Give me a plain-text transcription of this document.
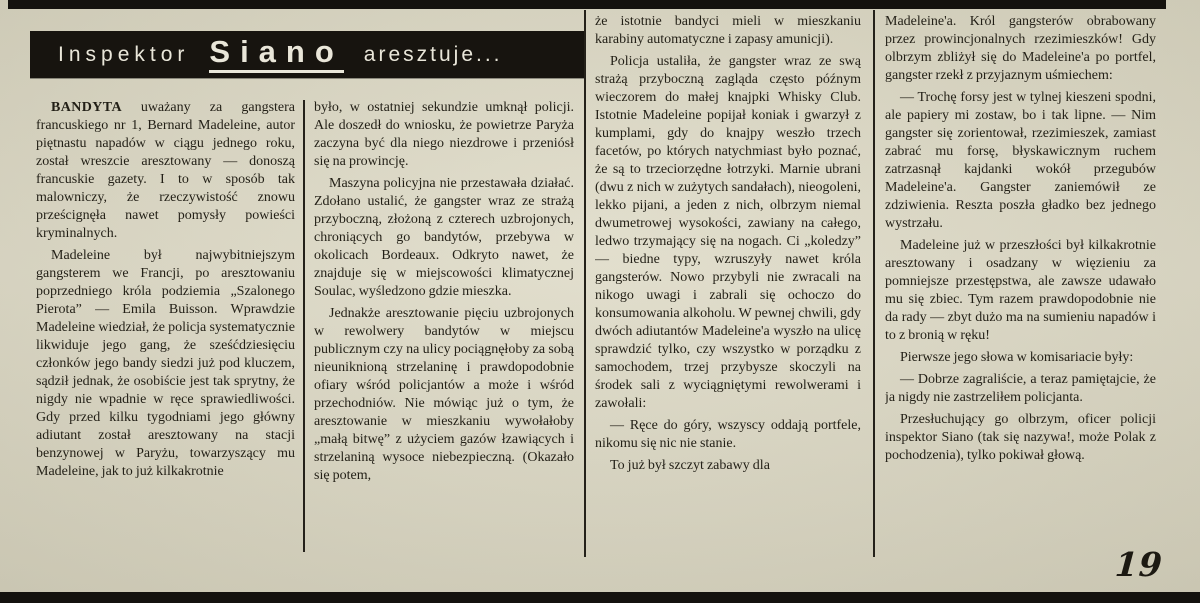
Inspektor Siano aresztuje...

BANDYTA uważany za gangstera francuskiego nr 1, Bernard Madeleine, autor piętnastu napadów w ciągu jednego roku, został wreszcie aresztowany — donoszą francuskie gazety. I to w sposób tak malowniczy, że rzeczywistość znowu prześcignęła nawet pomysły powieści kryminalnych.

Madeleine był najwybitniejszym gangsterem we Francji, po aresztowaniu poprzedniego króla podziemia „Szalonego Pierota” — Emila Buisson. Wprawdzie Madeleine wiedział, że policja systematycznie likwiduje jego gang, że sześćdziesięciu członków jego bandy siedzi już pod kluczem, sądził jednak, że osobiście jest tak sprytny, że nigdy nie wpadnie w ręce sprawiedliwości. Gdy przed kilku tygodniami jego główny adiutant został aresztowany na stacji benzynowej w Paryżu, towarzyszący mu Madeleine, jak to już kilkakrotnie

było, w ostatniej sekundzie umknął policji. Ale doszedł do wniosku, że powietrze Paryża zaczyna być dla niego niezdrowe i przeniósł się na prowincję.

Maszyna policyjna nie przestawała działać. Zdołano ustalić, że gangster wraz ze strażą przyboczną, złożoną z czterech uzbrojonych, chroniących go bandytów, przebywa w okolicach Bordeaux. Odkryto nawet, że znajduje się w miejscowości klimatycznej Soulac, wyśledzono gdzie mieszka.

Jednakże aresztowanie pięciu uzbrojonych w rewolwery bandytów w miejscu publicznym czy na ulicy pociągnęłoby za sobą nieuniknioną strzelaninę i prawdopodobnie ofiary wśród policjantów a może i wśród przechodniów. Nie mówiąc już o tym, że aresztowanie w mieszkaniu wywołałoby „małą bitwę” z użyciem gazów łzawiących i strzelaniną wysoce niebezpieczną. (Okazało się potem,

że istotnie bandyci mieli w mieszkaniu karabiny automatyczne i zapasy amunicji).

Policja ustaliła, że gangster wraz ze swą strażą przyboczną zagląda często późnym wieczorem do małej knajpki Whisky Club. Istotnie Madeleine popijał koniak i gwarzył z kumplami, gdy do knajpy weszło trzech facetów, po których natychmiast było poznać, że są to trzeciorzędne łotrzyki. Marnie ubrani (dwu z nich w zużytych sandałach), nieogoleni, lekko pijani, a jeden z nich, olbrzym niemal dwumetrowej wysokości, zawiany na całego, ledwo trzymający się na nogach. Ci „koledzy” — biedne typy, wzruszyły nawet króla gangsterów. Nowo przybyli nie zwracali na nikogo uwagi i zabrali się ochoczo do konsumowania alkoholu. W pewnej chwili, gdy dwóch adiutantów Madeleine'a wyszło na ulicę sprawdzić tylko, czy wszystko w porządku z samochodem, trzej przybysze skoczyli na środek sali z wyciągniętymi rewolwerami i zawołali:

— Ręce do góry, wszyscy oddają portfele, nikomu się nic nie stanie.

To już był szczyt zabawy dla

Madeleine'a. Król gangsterów obrabowany przez prowincjonalnych rzezimieszków! Gdy olbrzym zbliżył się do Madeleine'a po portfel, gangster rzekł z przyjaznym uśmiechem:

— Trochę forsy jest w tylnej kieszeni spodni, ale papiery mi zostaw, bo i tak lipne. — Nim gangster się zorientował, rzezimieszek, zamiast zabrać mu forsę, błyskawicznym ruchem zatrzasnął kajdanki wokół przegubów Madeleine'a. Gangster zaniemówił ze zdziwienia. Reszta poszła gładko bez jednego wystrzału.

Madeleine już w przeszłości był kilkakrotnie aresztowany i osadzany w więzieniu za pomniejsze przestępstwa, ale zawsze udawało mu się zbiec. Tym razem prawdopodobnie nie da rady — zbyt dużo ma na sumieniu napadów i to z bronią w ręku!

Pierwsze jego słowa w komisariacie były:

— Dobrze zagraliście, a teraz pamiętajcie, że ja nigdy nie zastrzeliłem policjanta.

Przesłuchujący go olbrzym, oficer policji inspektor Siano (tak się nazywa!, może Polak z pochodzenia), tylko pokiwał głową.

19
